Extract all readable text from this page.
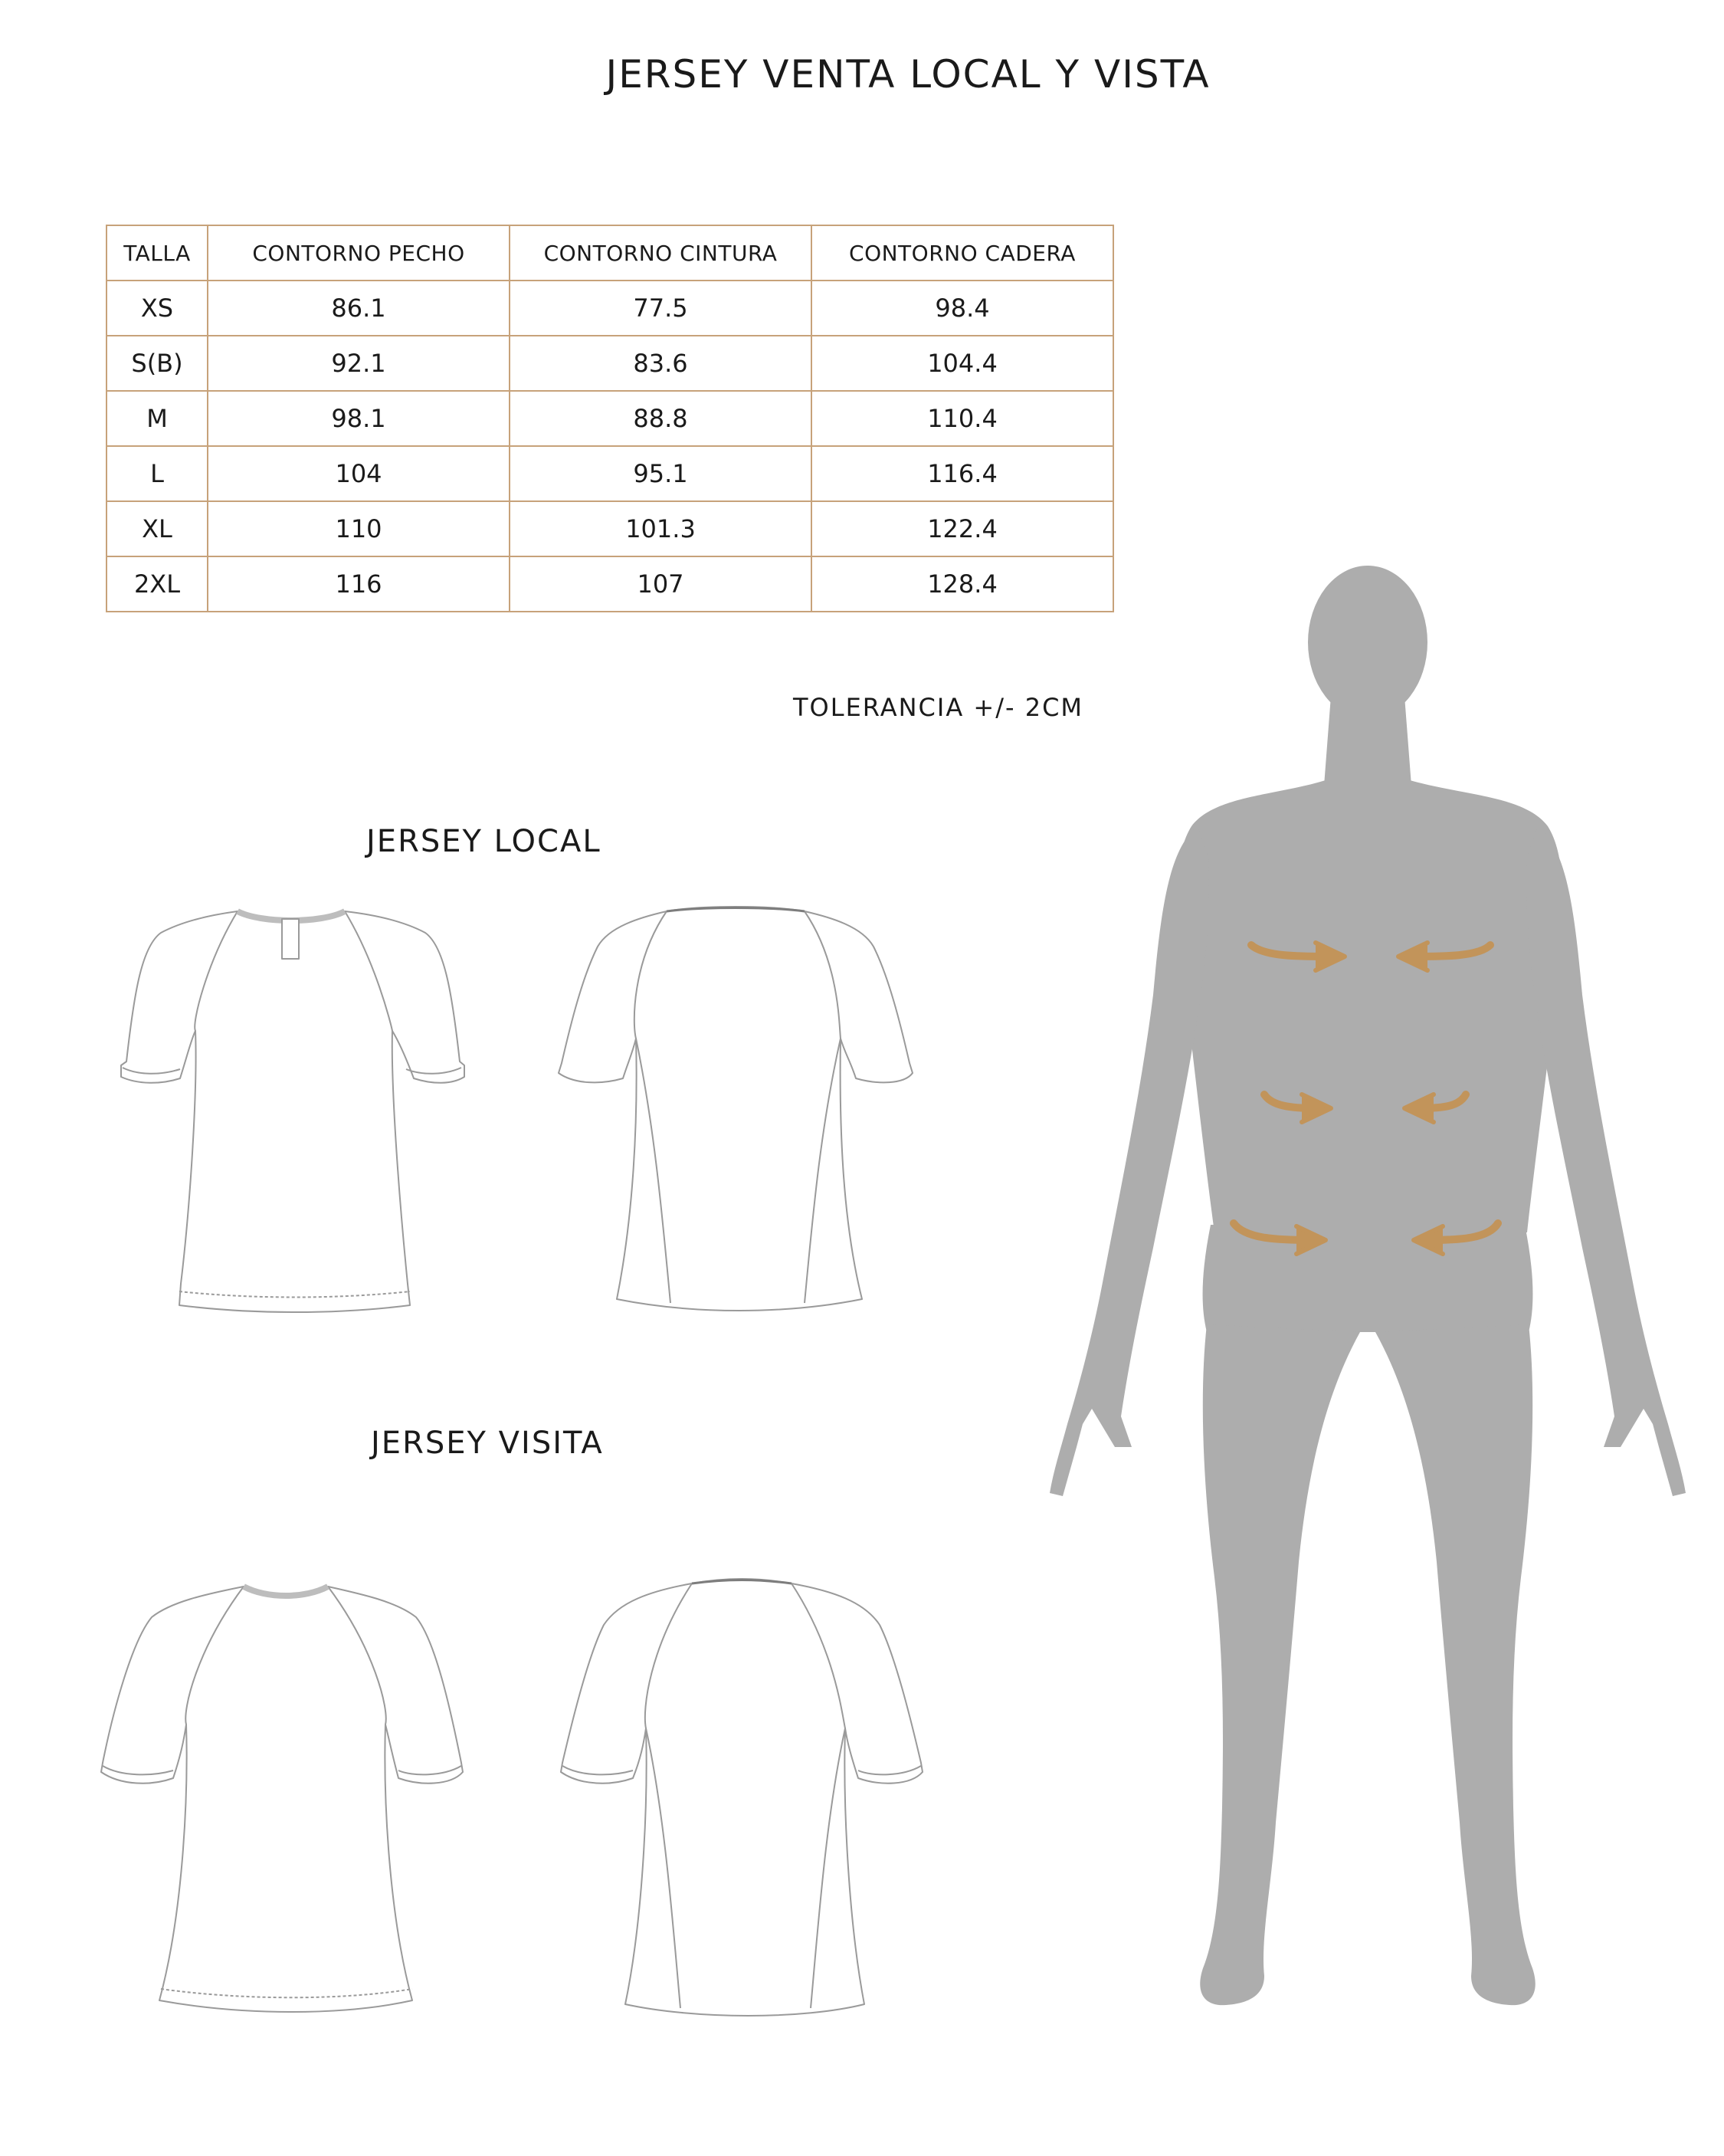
JERSEY VENTA LOCAL Y VISTA
TALLA	CONTORNO PECHO	CONTORNO CINTURA	CONTORNO CADERA
XS	86.1	77.5	98.4
S(B)	92.1	83.6	104.4
M	98.1	88.8	110.4
L	104	95.1	116.4
XL	110	101.3	122.4
2XL	116	107	128.4
TOLERANCIA +/- 2CM
JERSEY LOCAL
JERSEY VISITA
